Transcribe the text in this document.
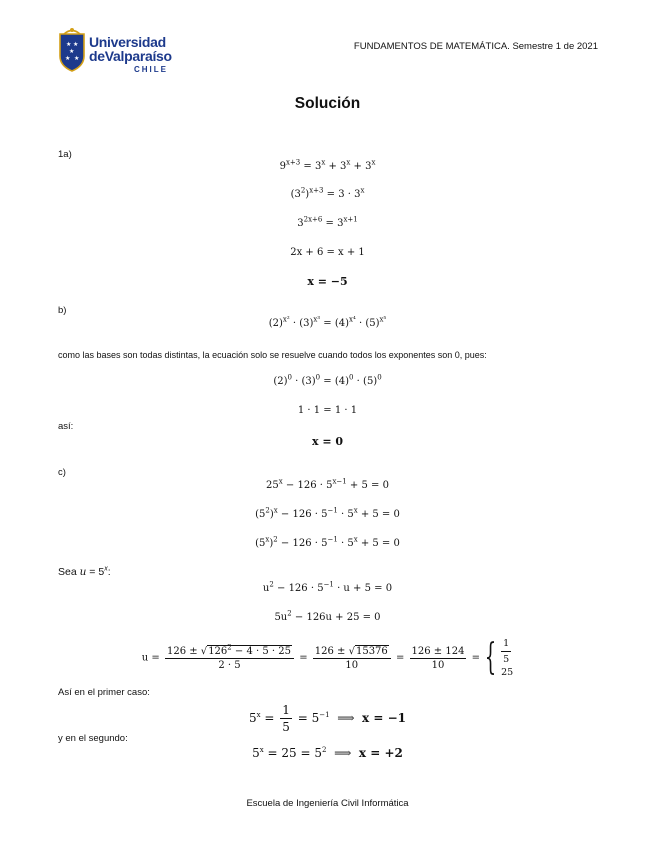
★ ★
★
★ ★
Universidad
deValparaíso
CHILE
FUNDAMENTOS DE MATEMÁTICA. Semestre 1 de 2021
Solución
1a)
$9^{x+3} = 3^x + 3^x + 3^x$
$(3^2)^{x+3} = 3 \cdot 3^x$
$3^{2x+6} = 3^{x+1}$
2x + 6 = x + 1
x = −5
b)
$(2)^{x^2} \cdot (3)^{x^3} = (4)^{x^4} \cdot (5)^{x^5}$
como las bases son todas distintas, la ecuación solo se resuelve cuando todos los exponentes son 0, pues:
$(2)^0 \cdot (3)^0 = (4)^0 \cdot (5)^0$
1 · 1 = 1 · 1
así:
x = 0
c)
$25^x - 126 \cdot 5^{x-1} + 5 = 0$
$(5^2)^x - 126 \cdot 5^{-1} \cdot 5^x + 5 = 0$
$(5^x)^2 - 126 \cdot 5^{-1} \cdot 5^x + 5 = 0$
Sea $u = 5^x$:
$u^2 - 126 \cdot 5^{-1} \cdot u + 5 = 0$
$5u^2 - 126u + 25 = 0$
$u = \frac{126 \pm √126^2 - 4 \cdot 5 \cdot 25}{2 \cdot 5} = \frac{126 \pm √15376}{10} = \frac{126 \pm 124}{10}$ = { $\frac{1}{5}$

25
Así en el primer caso:
$5^x = \frac{1}{5} = 5^{-1}$  ⟹  x = −1
y en el segundo:
$5^x = 25 = 5^2$  ⟹  x = +2
Escuela de Ingeniería Civil Informática
